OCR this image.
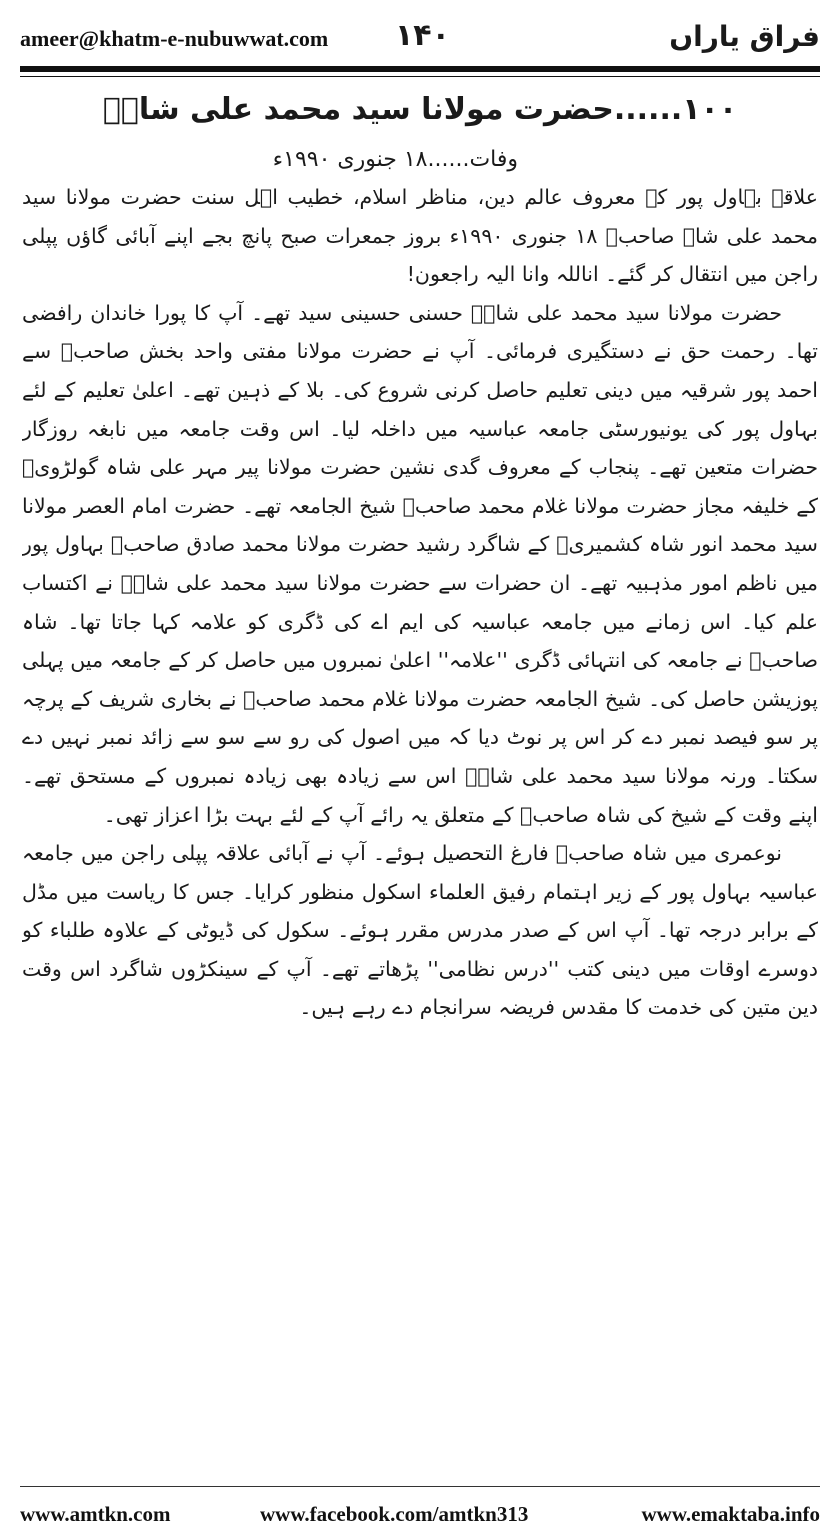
ameer@khatm-e-nubuwwat.com ۱۴۰	فراق یاراں
۱۰۰......حضرت مولانا سید محمد علی شاہؒ
وفات......۱۸ جنوری ۱۹۹۰ء

علاقہ بہاول پور کے معروف عالم دین، مناظر اسلام، خطیب اہل سنت حضرت مولانا سید محمد علی شاہ صاحبؒ ۱۸ جنوری ۱۹۹۰ء بروز جمعرات صبح پانچ بجے اپنے آبائی گاؤں پپلی راجن میں انتقال کر گئے۔ اناللہ وانا الیہ راجعون!

حضرت مولانا سید محمد علی شاہؒ حسنی حسینی سید تھے۔ آپ کا پورا خاندان رافضی تھا۔ رحمت حق نے دستگیری فرمائی۔ آپ نے حضرت مولانا مفتی واحد بخش صاحبؒ سے احمد پور شرقیہ میں دینی تعلیم حاصل کرنی شروع کی۔ بلا کے ذہین تھے۔ اعلیٰ تعلیم کے لئے بہاول پور کی یونیورسٹی جامعہ عباسیہ میں داخلہ لیا۔ اس وقت جامعہ میں نابغہ روزگار حضرات متعین تھے۔ پنجاب کے معروف گدی نشین حضرت مولانا پیر مہر علی شاہ گولڑویؒ کے خلیفہ مجاز حضرت مولانا غلام محمد صاحبؒ شیخ الجامعہ تھے۔ حضرت امام العصر مولانا سید محمد انور شاہ کشمیریؒ کے شاگرد رشید حضرت مولانا محمد صادق صاحبؒ بہاول پور میں ناظم امور مذہبیہ تھے۔ ان حضرات سے حضرت مولانا سید محمد علی شاہؒ نے اکتساب علم کیا۔ اس زمانے میں جامعہ عباسیہ کی ایم اے کی ڈگری کو علامہ کہا جاتا تھا۔ شاہ صاحبؒ نے جامعہ کی انتہائی ڈگری ''علامہ'' اعلیٰ نمبروں میں حاصل کر کے جامعہ میں پہلی پوزیشن حاصل کی۔ شیخ الجامعہ حضرت مولانا غلام محمد صاحبؒ نے بخاری شریف کے پرچہ پر سو فیصد نمبر دے کر اس پر نوٹ دیا کہ میں اصول کی رو سے سو سے زائد نمبر نہیں دے سکتا۔ ورنہ مولانا سید محمد علی شاہؒ اس سے زیادہ بھی زیادہ نمبروں کے مستحق تھے۔ اپنے وقت کے شیخ کی شاہ صاحبؒ کے متعلق یہ رائے آپ کے لئے بہت بڑا اعزاز تھی۔

نوعمری میں شاہ صاحبؒ فارغ التحصیل ہوئے۔ آپ نے آبائی علاقہ پپلی راجن میں جامعہ عباسیہ بہاول پور کے زیر اہتمام رفیق العلماء اسکول منظور کرایا۔ جس کا ریاست میں مڈل کے برابر درجہ تھا۔ آپ اس کے صدر مدرس مقرر ہوئے۔ سکول کی ڈیوٹی کے علاوہ طلباء کو دوسرے اوقات میں دینی کتب ''درس نظامی'' پڑھاتے تھے۔ آپ کے سینکڑوں شاگرد اس وقت دین متین کی خدمت کا مقدس فریضہ سرانجام دے رہے ہیں۔

www.amtkn.com	www.facebook.com/amtkn313	www.emaktaba.info
